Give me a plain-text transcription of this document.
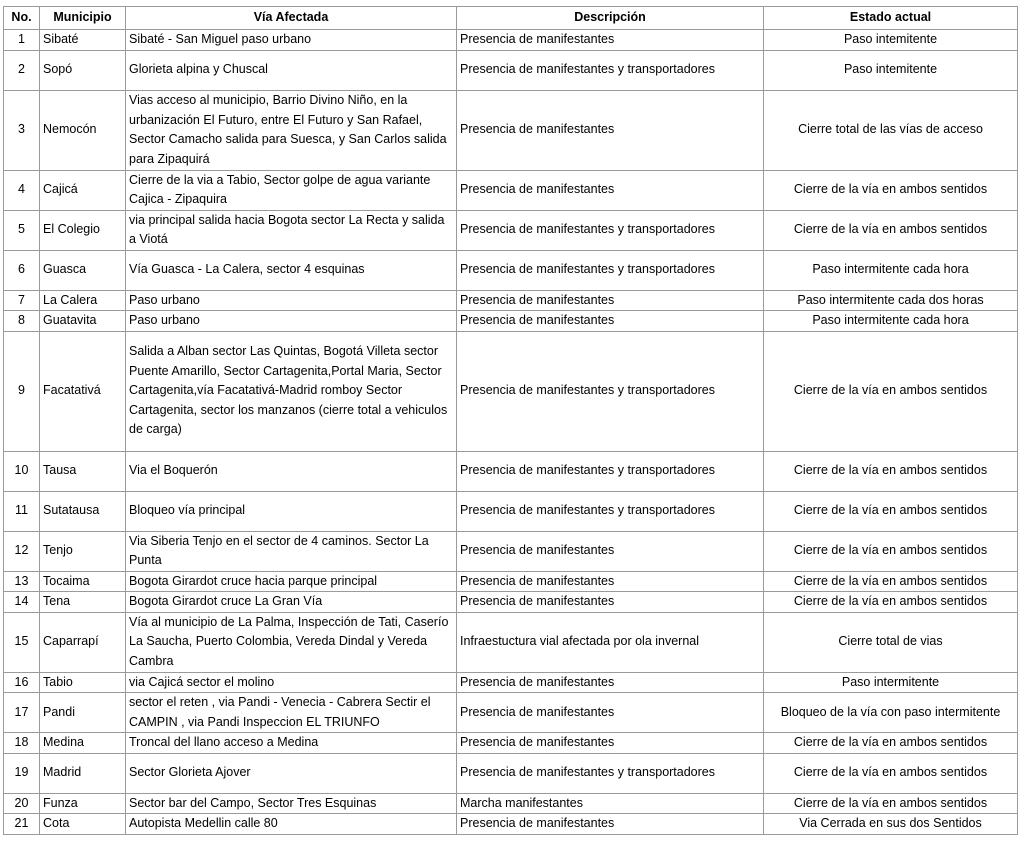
No.	Municipio	Vía Afectada	Descripción	Estado actual
1	Sibaté	Sibaté - San Miguel paso urbano	Presencia de manifestantes	Paso intemitente
2	Sopó	Glorieta alpina y Chuscal	Presencia de manifestantes y transportadores	Paso intemitente
3	Nemocón	Vias acceso al municipio, Barrio Divino Niño, en la urbanización El Futuro, entre El Futuro y San Rafael, Sector Camacho salida para Suesca, y San Carlos salida para Zipaquirá	Presencia de manifestantes	Cierre total de las vías de acceso
4	Cajicá	Cierre de la via a Tabio, Sector golpe de agua variante Cajica - Zipaquira	Presencia de manifestantes	Cierre de la vía en ambos sentidos
5	El Colegio	via principal salida hacia Bogota sector La Recta y salida a Viotá	Presencia de manifestantes y transportadores	Cierre de la vía en ambos sentidos
6	Guasca	Vía Guasca - La Calera, sector 4 esquinas	Presencia de manifestantes y transportadores	Paso intermitente cada hora
7	La Calera	Paso urbano	Presencia de manifestantes	Paso intermitente cada dos horas
8	Guatavita	Paso urbano	Presencia de manifestantes	Paso intermitente cada hora
9	Facatativá	Salida a Alban sector Las Quintas, Bogotá Villeta sector Puente Amarillo, Sector Cartagenita,Portal Maria, Sector Cartagenita,vía Facatativá-Madrid romboy Sector Cartagenita, sector los manzanos (cierre total a vehiculos de carga)	Presencia de manifestantes y transportadores	Cierre de la vía en ambos sentidos
10	Tausa	Via el Boquerón	Presencia de manifestantes y transportadores	Cierre de la vía en ambos sentidos
11	Sutatausa	Bloqueo vía principal	Presencia de manifestantes y transportadores	Cierre de la vía en ambos sentidos
12	Tenjo	Via Siberia Tenjo en el sector de 4 caminos. Sector La Punta	Presencia de manifestantes	Cierre de la vía en ambos sentidos
13	Tocaima	Bogota Girardot cruce hacia parque principal	Presencia de manifestantes	Cierre de la vía en ambos sentidos
14	Tena	Bogota Girardot cruce La Gran Vía	Presencia de manifestantes	Cierre de la vía en ambos sentidos
15	Caparrapí	Vía al municipio de La Palma, Inspección de Tati, Caserío La Saucha, Puerto Colombia, Vereda Dindal y Vereda Cambra	Infraestuctura vial afectada por ola invernal	Cierre total de vias
16	Tabio	via Cajicá sector el molino	Presencia de manifestantes	Paso intermitente
17	Pandi	sector el reten , via Pandi - Venecia - Cabrera Sectir el CAMPIN , via Pandi Inspeccion EL TRIUNFO	Presencia de manifestantes	Bloqueo de la vía con paso intermitente
18	Medina	Troncal del llano acceso a Medina	Presencia de manifestantes	Cierre de la vía en ambos sentidos
19	Madrid	Sector Glorieta Ajover	Presencia de manifestantes y transportadores	Cierre de la vía en ambos sentidos
20	Funza	Sector bar del Campo, Sector Tres Esquinas	Marcha manifestantes	Cierre de la vía en ambos sentidos
21	Cota	Autopista Medellin calle 80	Presencia de manifestantes	Via Cerrada en sus dos Sentidos
